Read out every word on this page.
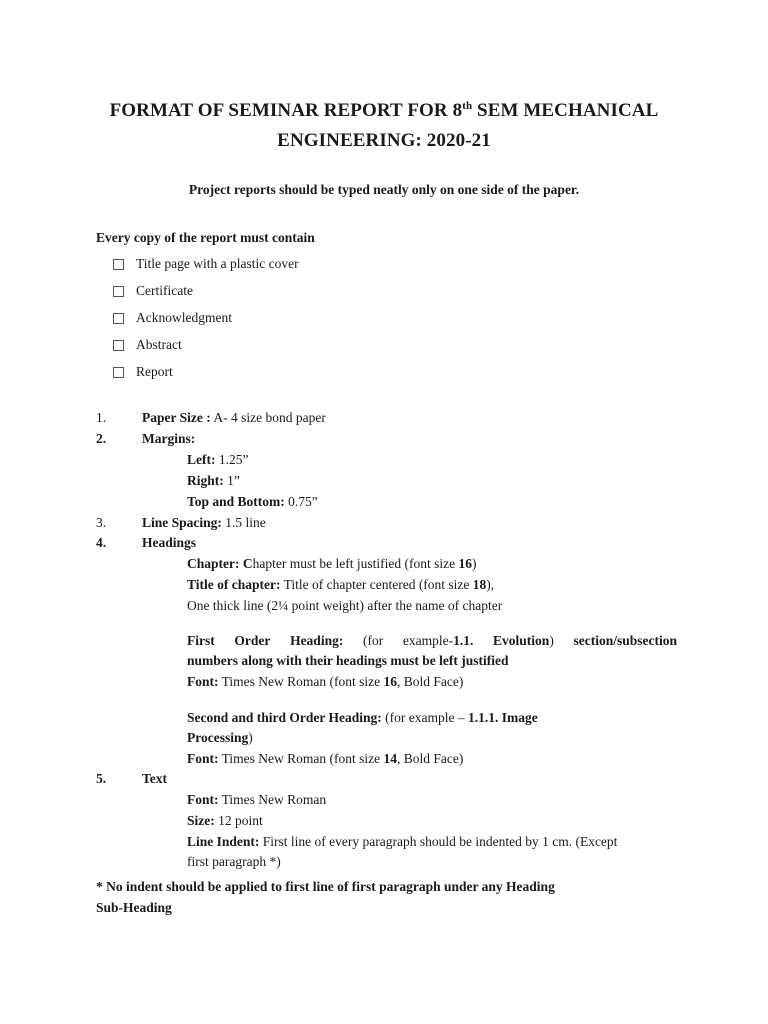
FORMAT OF SEMINAR REPORT FOR 8th SEM MECHANICAL
ENGINEERING: 2020-21
Project reports should be typed neatly only on one side of the paper.
Every copy of the report must contain
Title page with a plastic cover
Certificate
Acknowledgment
Abstract
Report
1.	Paper Size : A- 4 size bond paper
2.	Margins:
Left: 1.25”
Right: 1”
Top and Bottom: 0.75”
3.	Line Spacing: 1.5 line
4.	Headings
Chapter: Chapter must be left justified (font size 16)
Title of chapter: Title of chapter centered (font size 18),
One thick line (2¼ point weight) after the name of chapter
First Order Heading: (for example-1.1. Evolution) section/subsection
numbers along with their headings must be left justified
Font: Times New Roman (font size 16, Bold Face)
Second and third Order Heading: (for example – 1.1.1. Image
Processing)
Font: Times New Roman (font size 14, Bold Face)
5.	Text
Font: Times New Roman
Size: 12 point
Line Indent: First line of every paragraph should be indented by 1 cm. (Except
first paragraph *)
* No indent should be applied to first line of first paragraph under any Heading
Sub-Heading
